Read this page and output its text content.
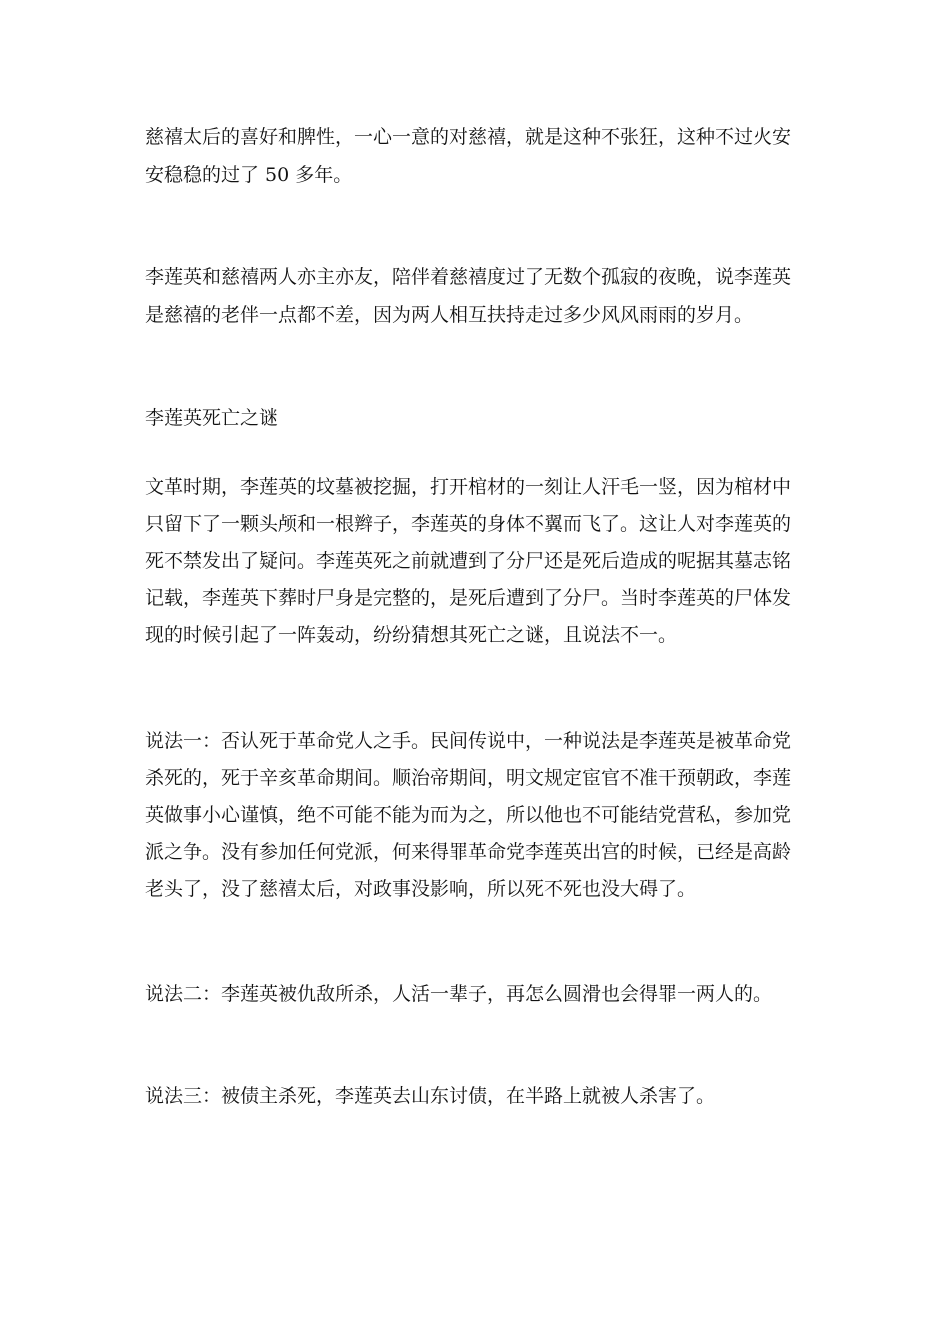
慈禧太后的喜好和脾性，一心一意的对慈禧，就是这种不张狂，这种不过火安

安稳稳的过了 50 多年。

李莲英和慈禧两人亦主亦友，陪伴着慈禧度过了无数个孤寂的夜晚，说李莲英

是慈禧的老伴一点都不差，因为两人相互扶持走过多少风风雨雨的岁月。

李莲英死亡之谜

文革时期，李莲英的坟墓被挖掘，打开棺材的一刻让人汗毛一竖，因为棺材中

只留下了一颗头颅和一根辫子，李莲英的身体不翼而飞了。这让人对李莲英的

死不禁发出了疑问。李莲英死之前就遭到了分尸还是死后造成的呢据其墓志铭

记载，李莲英下葬时尸身是完整的，是死后遭到了分尸。当时李莲英的尸体发

现的时候引起了一阵轰动，纷纷猜想其死亡之谜，且说法不一。

说法一：否认死于革命党人之手。民间传说中，一种说法是李莲英是被革命党

杀死的，死于辛亥革命期间。顺治帝期间，明文规定宦官不准干预朝政，李莲

英做事小心谨慎，绝不可能不能为而为之，所以他也不可能结党营私，参加党

派之争。没有参加任何党派，何来得罪革命党李莲英出宫的时候，已经是高龄

老头了，没了慈禧太后，对政事没影响，所以死不死也没大碍了。

说法二：李莲英被仇敌所杀，人活一辈子，再怎么圆滑也会得罪一两人的。

说法三：被债主杀死，李莲英去山东讨债，在半路上就被人杀害了。
